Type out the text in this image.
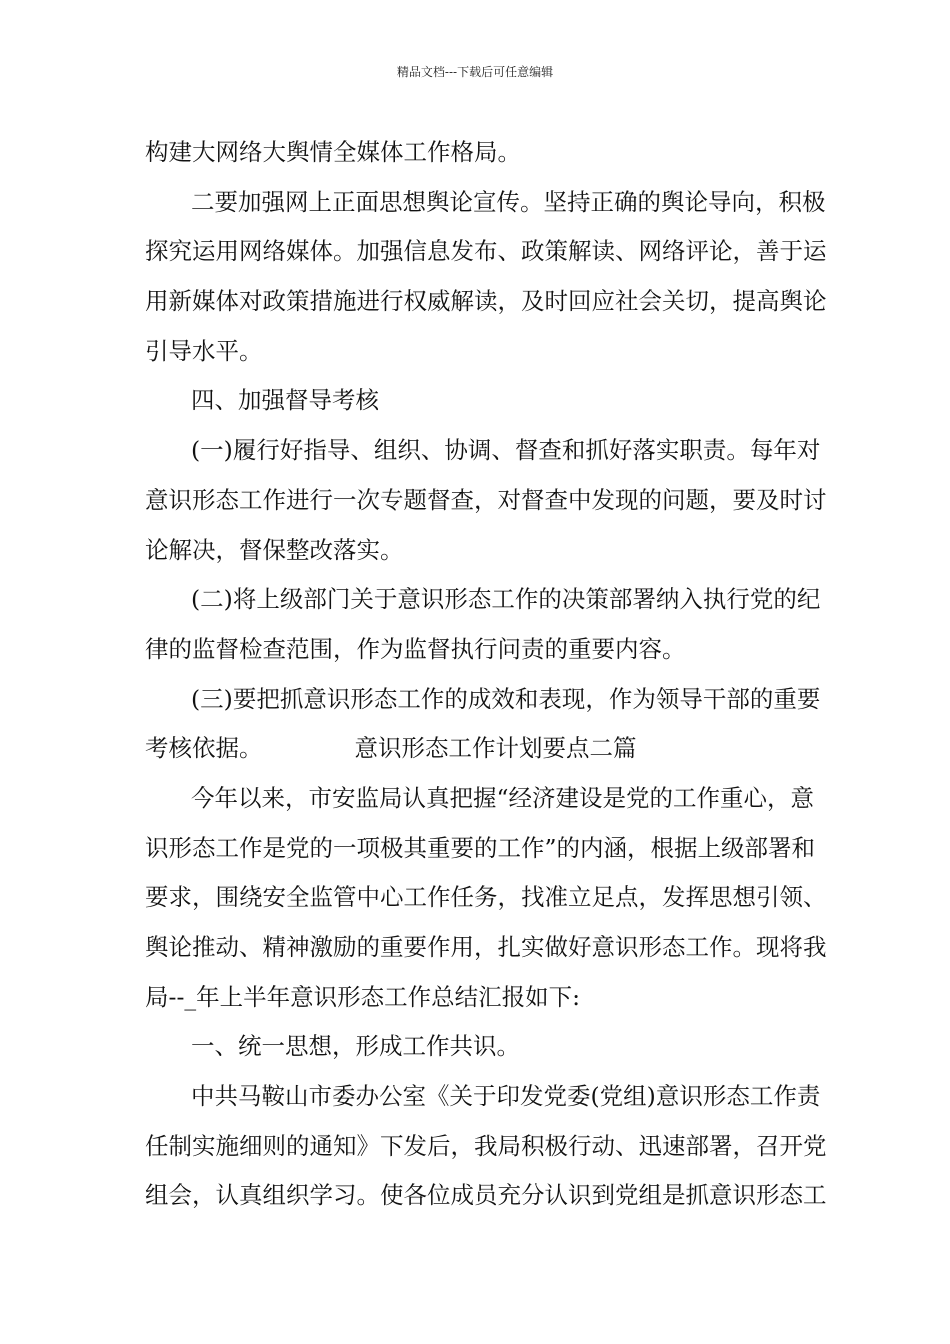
精品文档---下载后可任意编辑
构建大网络大舆情全媒体工作格局。
二要加强网上正面思想舆论宣传。坚持正确的舆论导向，积极
探究运用网络媒体。加强信息发布、政策解读、网络评论，善于运
用新媒体对政策措施进行权威解读，及时回应社会关切，提高舆论
引导水平。
四、加强督导考核
(一)履行好指导、组织、协调、督查和抓好落实职责。每年对
意识形态工作进行一次专题督查，对督查中发现的问题，要及时讨
论解决，督保整改落实。
(二)将上级部门关于意识形态工作的决策部署纳入执行党的纪
律的监督检查范围，作为监督执行问责的重要内容。
(三)要把抓意识形态工作的成效和表现，作为领导干部的重要
考核依据。	意识形态工作计划要点二篇
今年以来，市安监局认真把握“经济建设是党的工作重心，意
识形态工作是党的一项极其重要的工作”的内涵，根据上级部署和
要求，围绕安全监管中心工作任务，找准立足点，发挥思想引领、
舆论推动、精神激励的重要作用，扎实做好意识形态工作。现将我
局--_年上半年意识形态工作总结汇报如下:
一、统一思想，形成工作共识。
中共马鞍山市委办公室《关于印发党委(党组)意识形态工作责
任制实施细则的通知》下发后，我局积极行动、迅速部署，召开党
组会，认真组织学习。使各位成员充分认识到党组是抓意识形态工
